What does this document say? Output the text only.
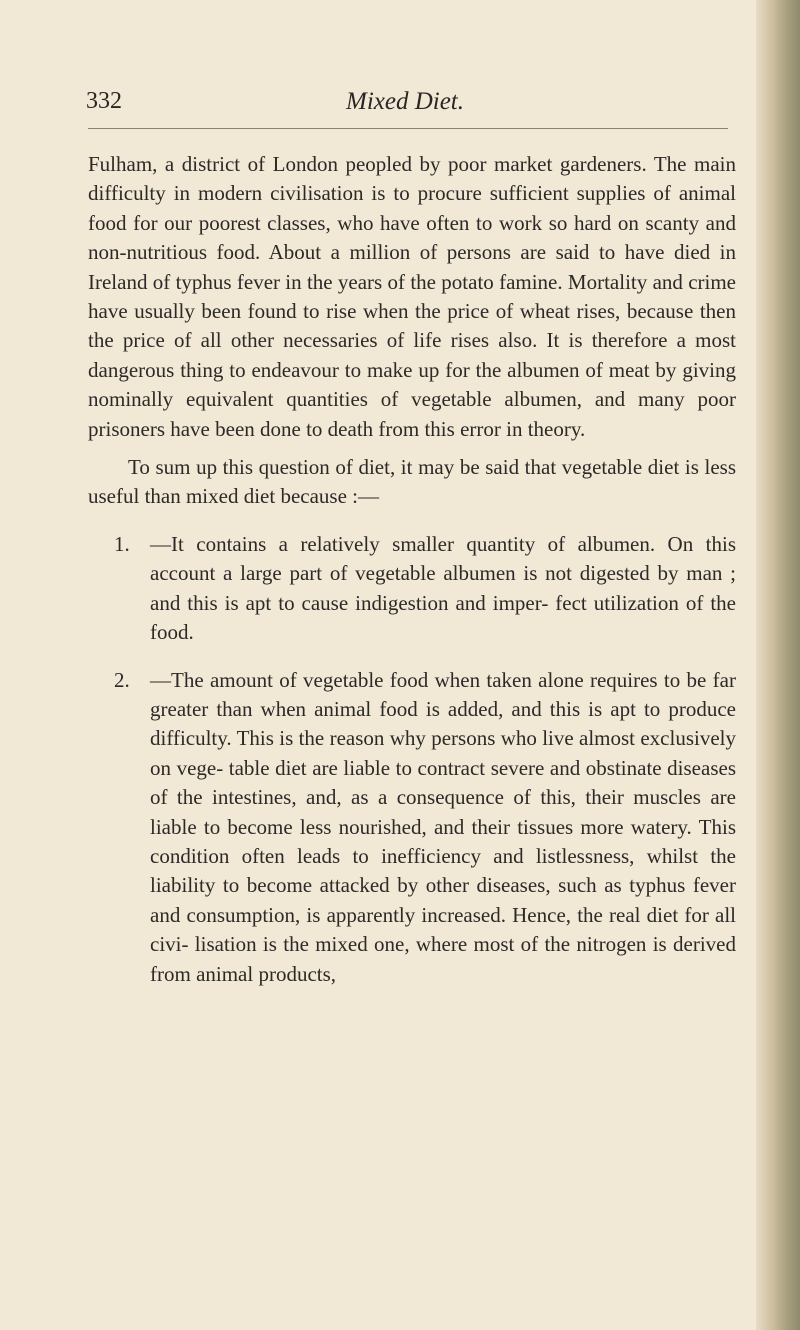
332	Mixed Diet.

Fulham, a district of London peopled by poor market gardeners. The main difficulty in modern civilisation is to procure sufficient supplies of animal food for our poorest classes, who have often to work so hard on scanty and non-nutritious food. About a million of persons are said to have died in Ireland of typhus fever in the years of the potato famine. Mortality and crime have usually been found to rise when the price of wheat rises, because then the price of all other necessaries of life rises also. It is therefore a most dangerous thing to endeavour to make up for the albumen of meat by giving nominally equivalent quantities of vegetable albumen, and many poor prisoners have been done to death from this error in theory.

To sum up this question of diet, it may be said that vegetable diet is less useful than mixed diet because :—

1. —It contains a relatively smaller quantity of albumen. On this account a large part of vegetable albumen is not digested by man ; and this is apt to cause indigestion and imper- fect utilization of the food.
2. —The amount of vegetable food when taken alone requires to be far greater than when animal food is added, and this is apt to produce difficulty. This is the reason why persons who live almost exclusively on vege- table diet are liable to contract severe and obstinate diseases of the intestines, and, as a consequence of this, their muscles are liable to become less nourished, and their tissues more watery. This condition often leads to inefficiency and listlessness, whilst the liability to become attacked by other diseases, such as typhus fever and consumption, is apparently increased. Hence, the real diet for all civi- lisation is the mixed one, where most of the nitrogen is derived from animal products,
